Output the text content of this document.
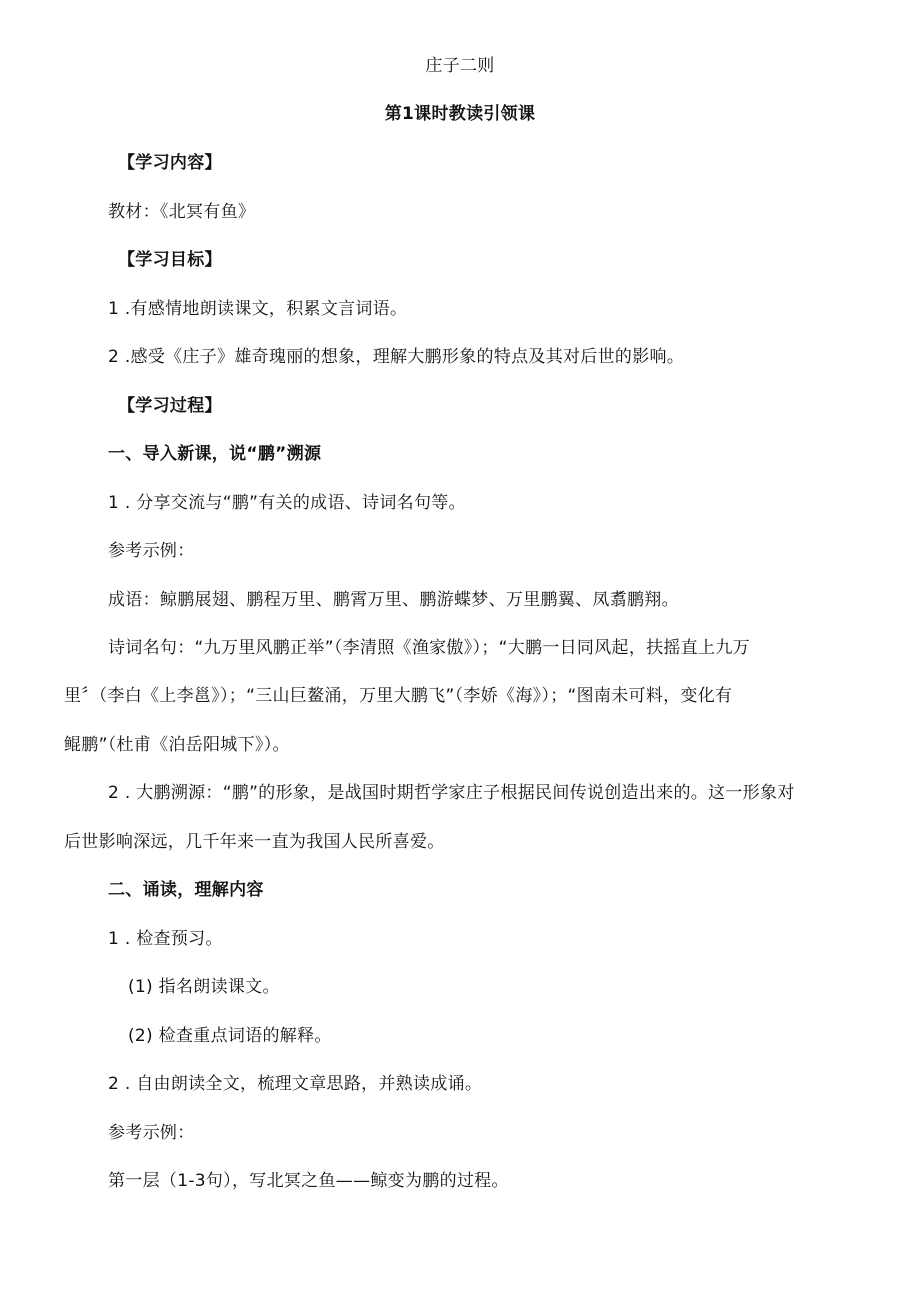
庄子二则
第1课时教读引领课
【学习内容】
教材：《北冥有鱼》
【学习目标】
1 .有感情地朗读课文，积累文言词语。
2 .感受《庄子》雄奇瑰丽的想象，理解大鹏形象的特点及其对后世的影响。
【学习过程】
一、导入新课，说“鹏”溯源
1 . 分享交流与“鹏”有关的成语、诗词名句等。
参考示例：
成语：鲸鹏展翅、鹏程万里、鹏霄万里、鹏游蝶梦、万里鹏翼、凤翥鹏翔。
诗词名句：“九万里风鹏正举”（李清照《渔家傲》）；“大鹏一日同风起，扶摇直上九万
里〞（李白《上李邕》）；“三山巨鳌涌，万里大鹏飞”（李娇《海》）；“图南未可料，变化有
鲲鹏”（杜甫《泊岳阳城下》）。
2 . 大鹏溯源：“鹏”的形象，是战国时期哲学家庄子根据民间传说创造出来的。这一形象对
后世影响深远，几千年来一直为我国人民所喜爱。
二、诵读，理解内容
1 . 检查预习。
(1) 指名朗读课文。
(2) 检查重点词语的解释。
2 . 自由朗读全文，梳理文章思路，并熟读成诵。
参考示例：
第一层（1-3句），写北冥之鱼——鲸变为鹏的过程。
